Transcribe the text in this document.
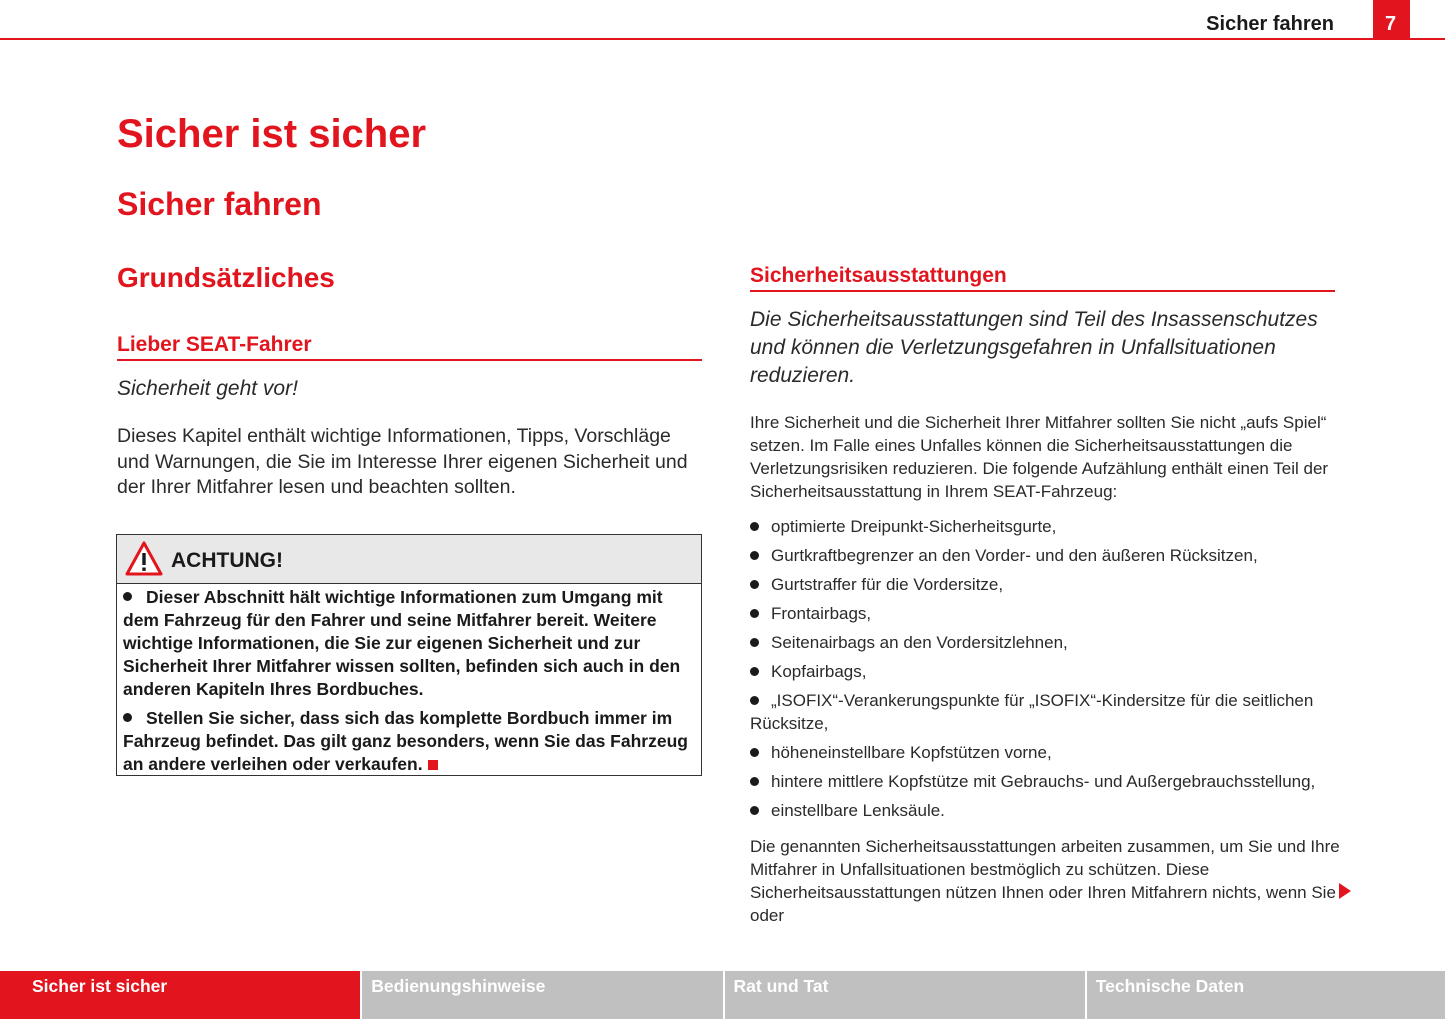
Sicher fahren	7
Sicher ist sicher
Sicher fahren
Grundsätzliches
Lieber SEAT-Fahrer
Sicherheit geht vor!

Dieses Kapitel enthält wichtige Informationen, Tipps, Vorschläge und Warnungen, die Sie im Interesse Ihrer eigenen Sicherheit und der Ihrer Mitfahrer lesen und beachten sollten.

ACHTUNG!

Dieser Abschnitt hält wichtige Informationen zum Umgang mit dem Fahrzeug für den Fahrer und seine Mitfahrer bereit. Weitere wichtige Informationen, die Sie zur eigenen Sicherheit und zur Sicherheit Ihrer Mitfahrer wissen sollten, befinden sich auch in den anderen Kapiteln Ihres Bordbuches.

Stellen Sie sicher, dass sich das komplette Bordbuch immer im Fahrzeug befindet. Das gilt ganz besonders, wenn Sie das Fahrzeug an andere verleihen oder verkaufen.

Sicherheitsausstattungen

Die Sicherheitsausstattungen sind Teil des Insassenschutzes und können die Verletzungsgefahren in Unfallsituationen reduzieren.

Ihre Sicherheit und die Sicherheit Ihrer Mitfahrer sollten Sie nicht „aufs Spiel“ setzen. Im Falle eines Unfalles können die Sicherheitsausstattungen die Verletzungsrisiken reduzieren. Die folgende Aufzählung enthält einen Teil der Sicherheitsausstattung in Ihrem SEAT-Fahrzeug:

optimierte Dreipunkt-Sicherheitsgurte,
Gurtkraftbegrenzer an den Vorder- und den äußeren Rücksitzen,
Gurtstraffer für die Vordersitze,
Frontairbags,
Seitenairbags an den Vordersitzlehnen,
Kopfairbags,
„ISOFIX“-Verankerungspunkte für „ISOFIX“-Kindersitze für die seitlichen Rücksitze,
höheneinstellbare Kopfstützen vorne,
hintere mittlere Kopfstütze mit Gebrauchs- und Außergebrauchsstellung,
einstellbare Lenksäule.

Die genannten Sicherheitsausstattungen arbeiten zusammen, um Sie und Ihre Mitfahrer in Unfallsituationen bestmöglich zu schützen. Diese Sicherheitsausstattungen nützen Ihnen oder Ihren Mitfahrern nichts, wenn Sie oder

Sicher ist sicher	Bedienungshinweise	Rat und Tat	Technische Daten
